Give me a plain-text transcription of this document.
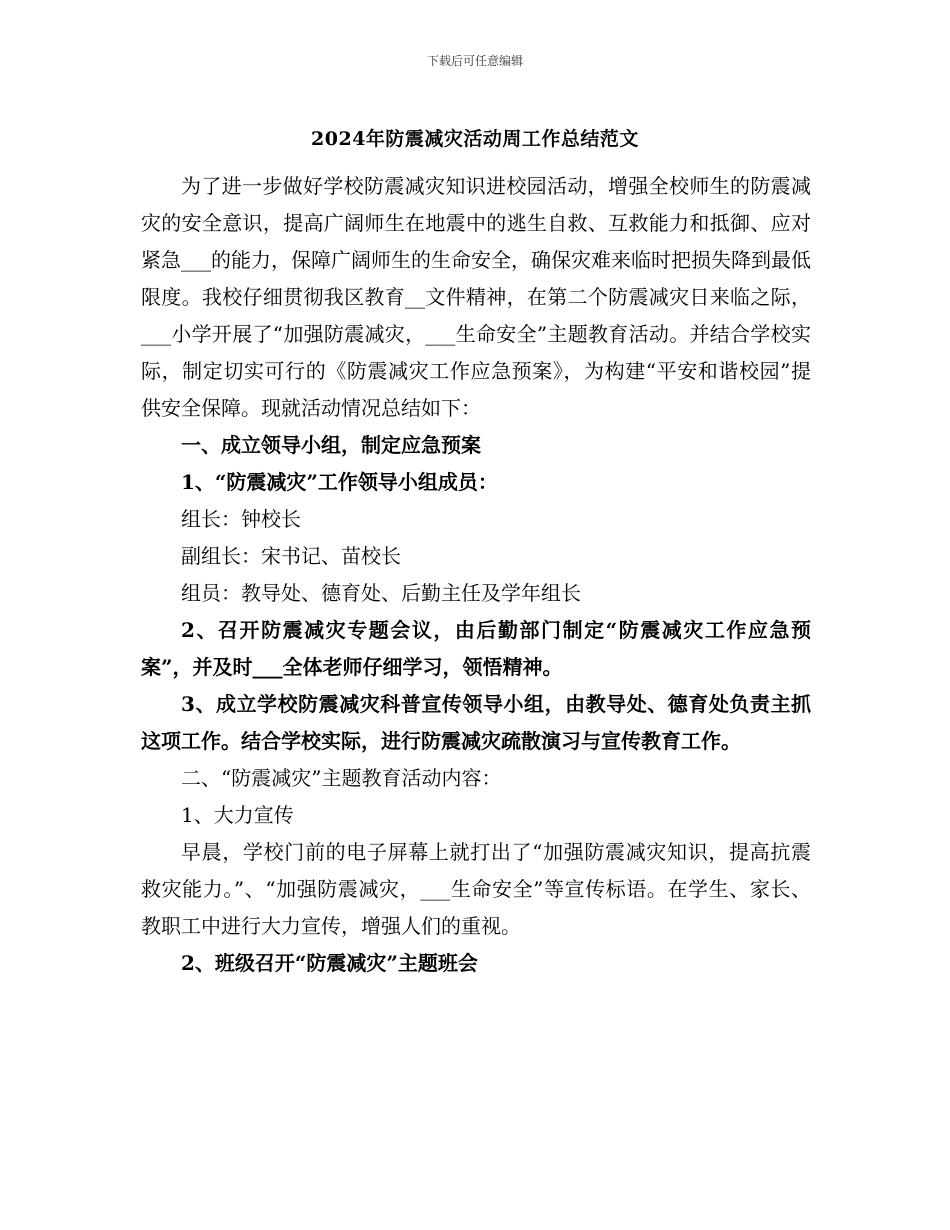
下载后可任意编辑
2024年防震减灾活动周工作总结范文

为了进一步做好学校防震减灾知识进校园活动，增强全校师生的防震减灾的安全意识，提高广阔师生在地震中的逃生自救、互救能力和抵御、应对紧急___的能力，保障广阔师生的生命安全，确保灾难来临时把损失降到最低限度。我校仔细贯彻我区教育__文件精神，在第二个防震减灾日来临之际，___小学开展了“加强防震减灾，___生命安全”主题教育活动。并结合学校实际，制定切实可行的《防震减灾工作应急预案》，为构建“平安和谐校园”提供安全保障。现就活动情况总结如下：

一、成立领导小组，制定应急预案

1、“防震减灾”工作领导小组成员：

组长：钟校长

副组长：宋书记、苗校长

组员：教导处、德育处、后勤主任及学年组长

2、召开防震减灾专题会议，由后勤部门制定“防震减灾工作应急预案”，并及时___全体老师仔细学习，领悟精神。

3、成立学校防震减灾科普宣传领导小组，由教导处、德育处负责主抓这项工作。结合学校实际，进行防震减灾疏散演习与宣传教育工作。

二、“防震减灾”主题教育活动内容：

1、大力宣传

早晨，学校门前的电子屏幕上就打出了“加强防震减灾知识，提高抗震救灾能力。”、“加强防震减灾，___生命安全”等宣传标语。在学生、家长、教职工中进行大力宣传，增强人们的重视。

2、班级召开“防震减灾”主题班会
